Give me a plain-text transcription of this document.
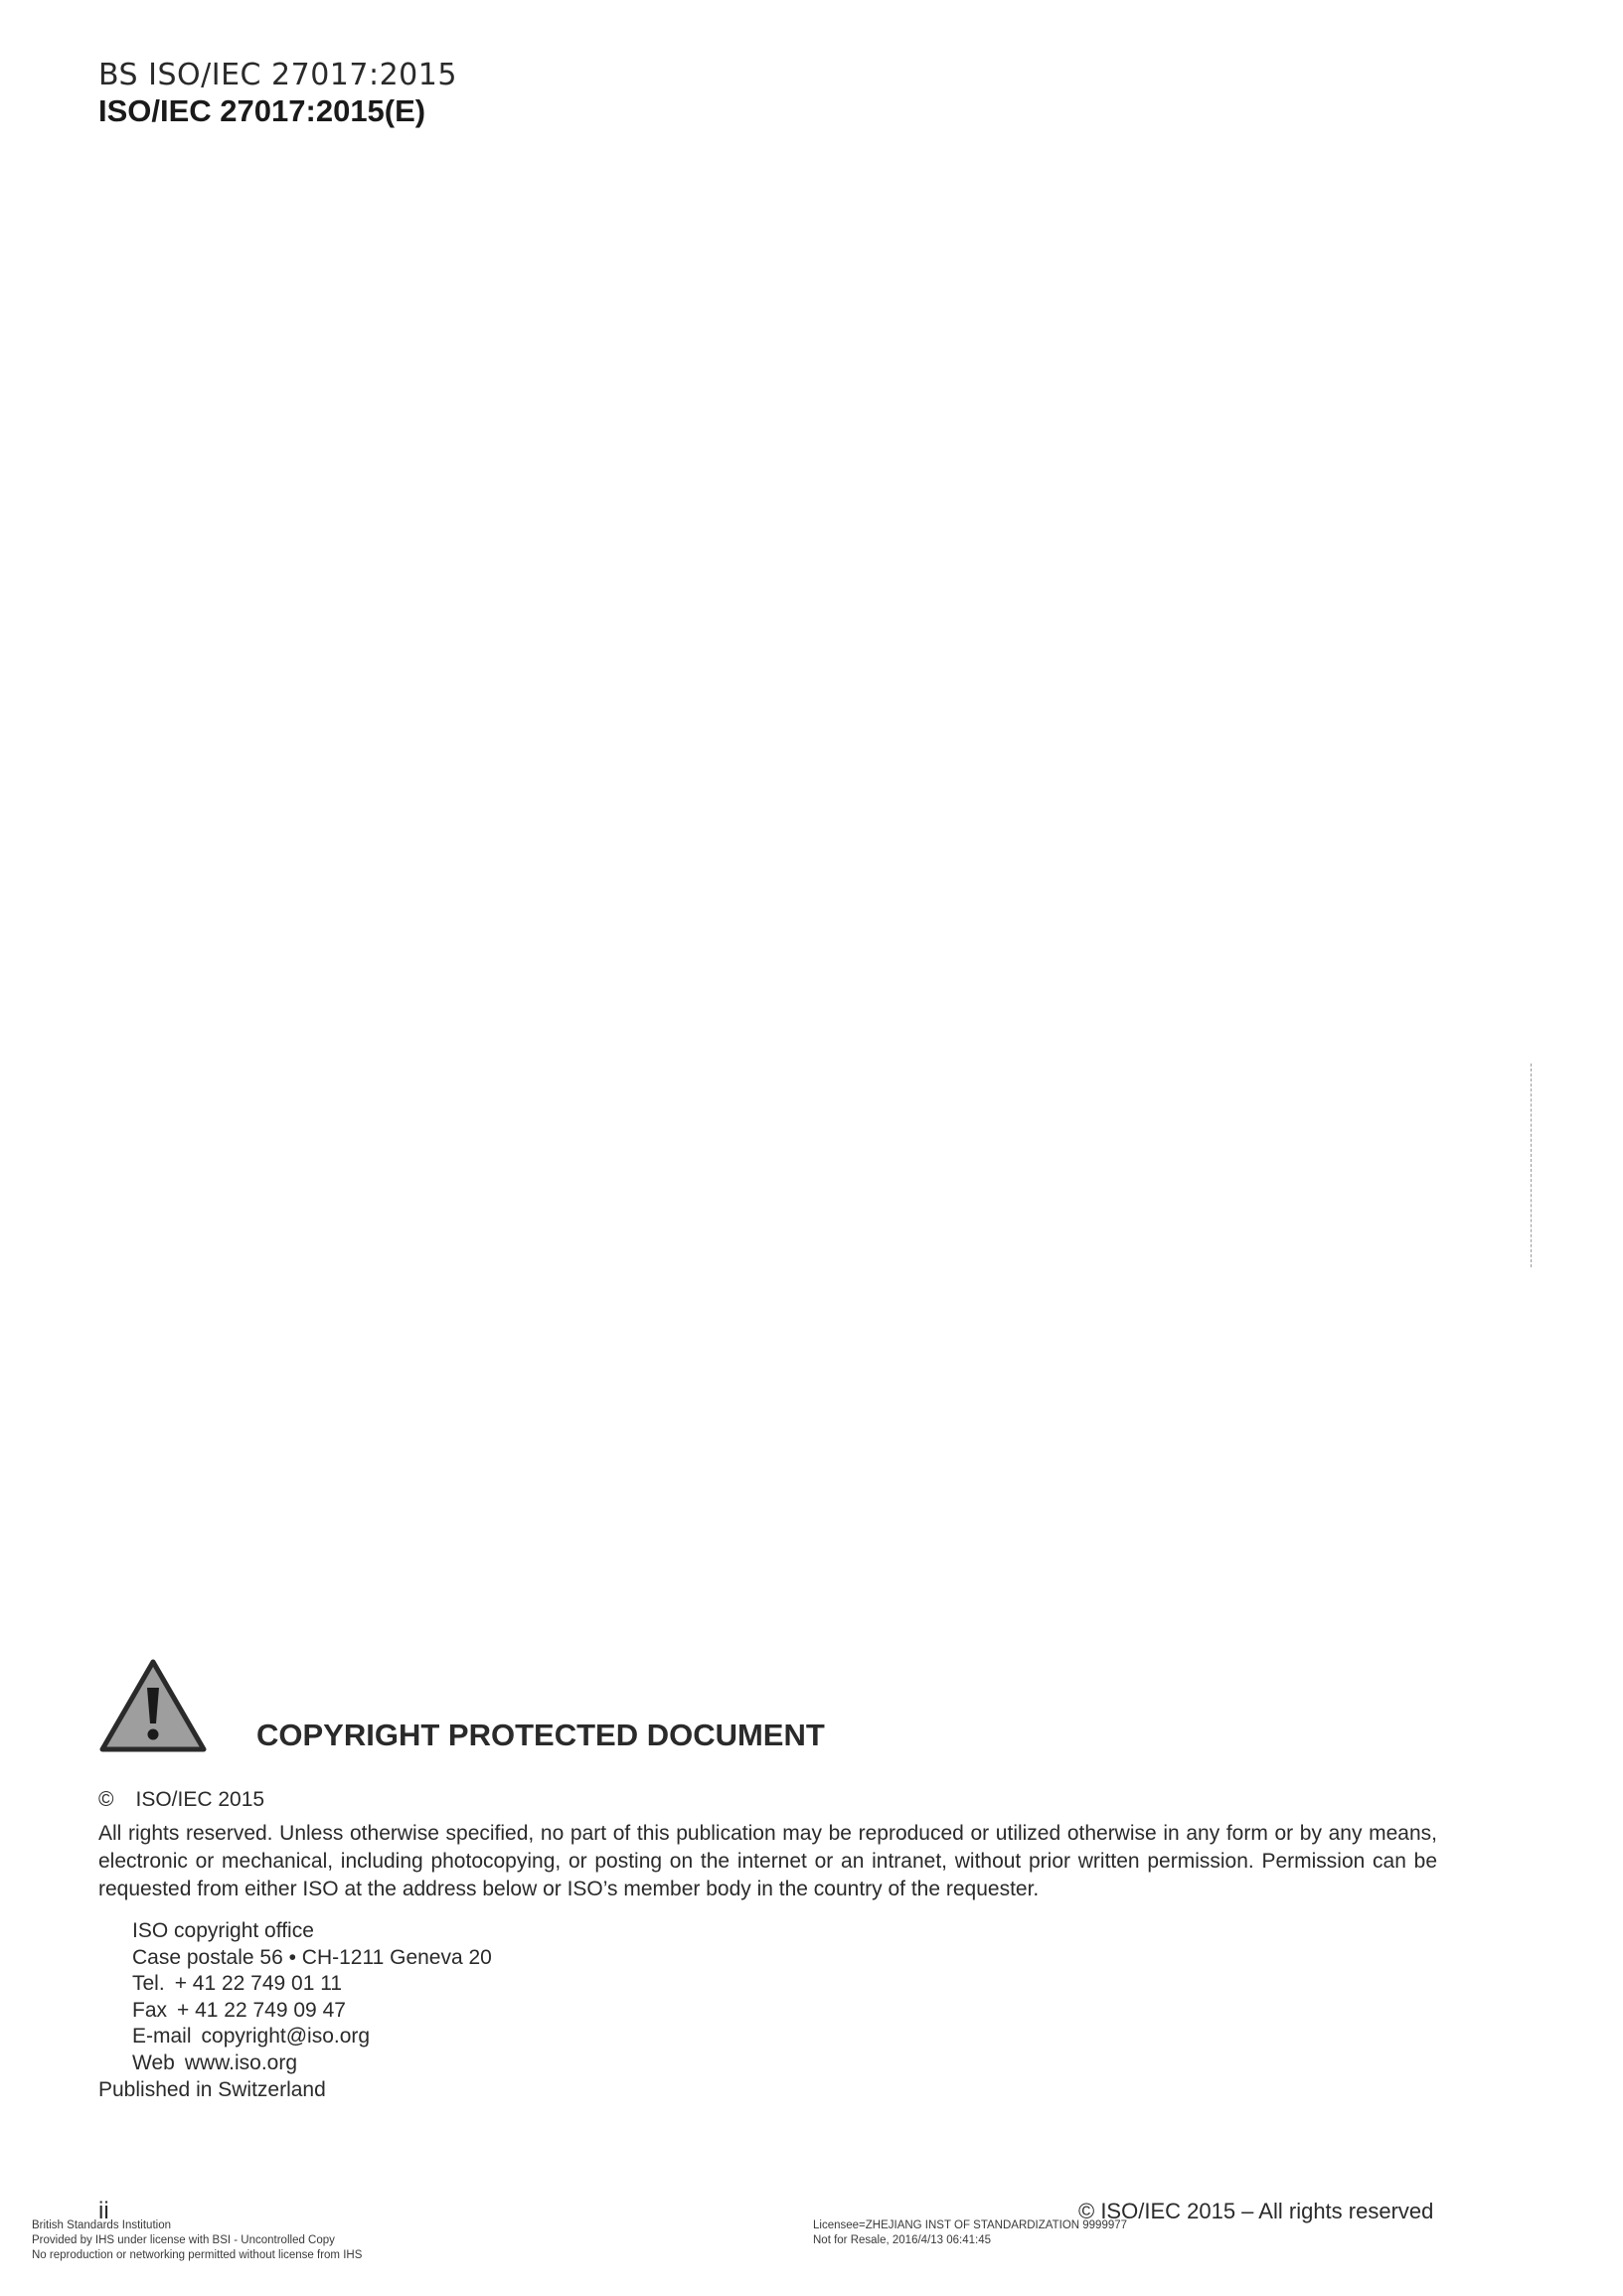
BS ISO/IEC 27017:2015
ISO/IEC 27017:2015(E)
COPYRIGHT PROTECTED DOCUMENT
© ISO/IEC 2015
All rights reserved. Unless otherwise specified, no part of this publication may be reproduced or utilized otherwise in any form or by any means, electronic or mechanical, including photocopying, or posting on the internet or an intranet, without prior written permission. Permission can be requested from either ISO at the address below or ISO’s member body in the country of the requester.
ISO copyright office
Case postale 56 • CH-1211 Geneva 20
Tel. + 41 22 749 01 11
Fax + 41 22 749 09 47
E-mail copyright@iso.org
Web www.iso.org
Published in Switzerland
ii	© ISO/IEC 2015 – All rights reserved
British Standards Institution
Provided by IHS under license with BSI - Uncontrolled Copy
No reproduction or networking permitted without license from IHS
Licensee=ZHEJIANG INST OF STANDARDIZATION 9999977
Not for Resale, 2016/4/13 06:41:45
